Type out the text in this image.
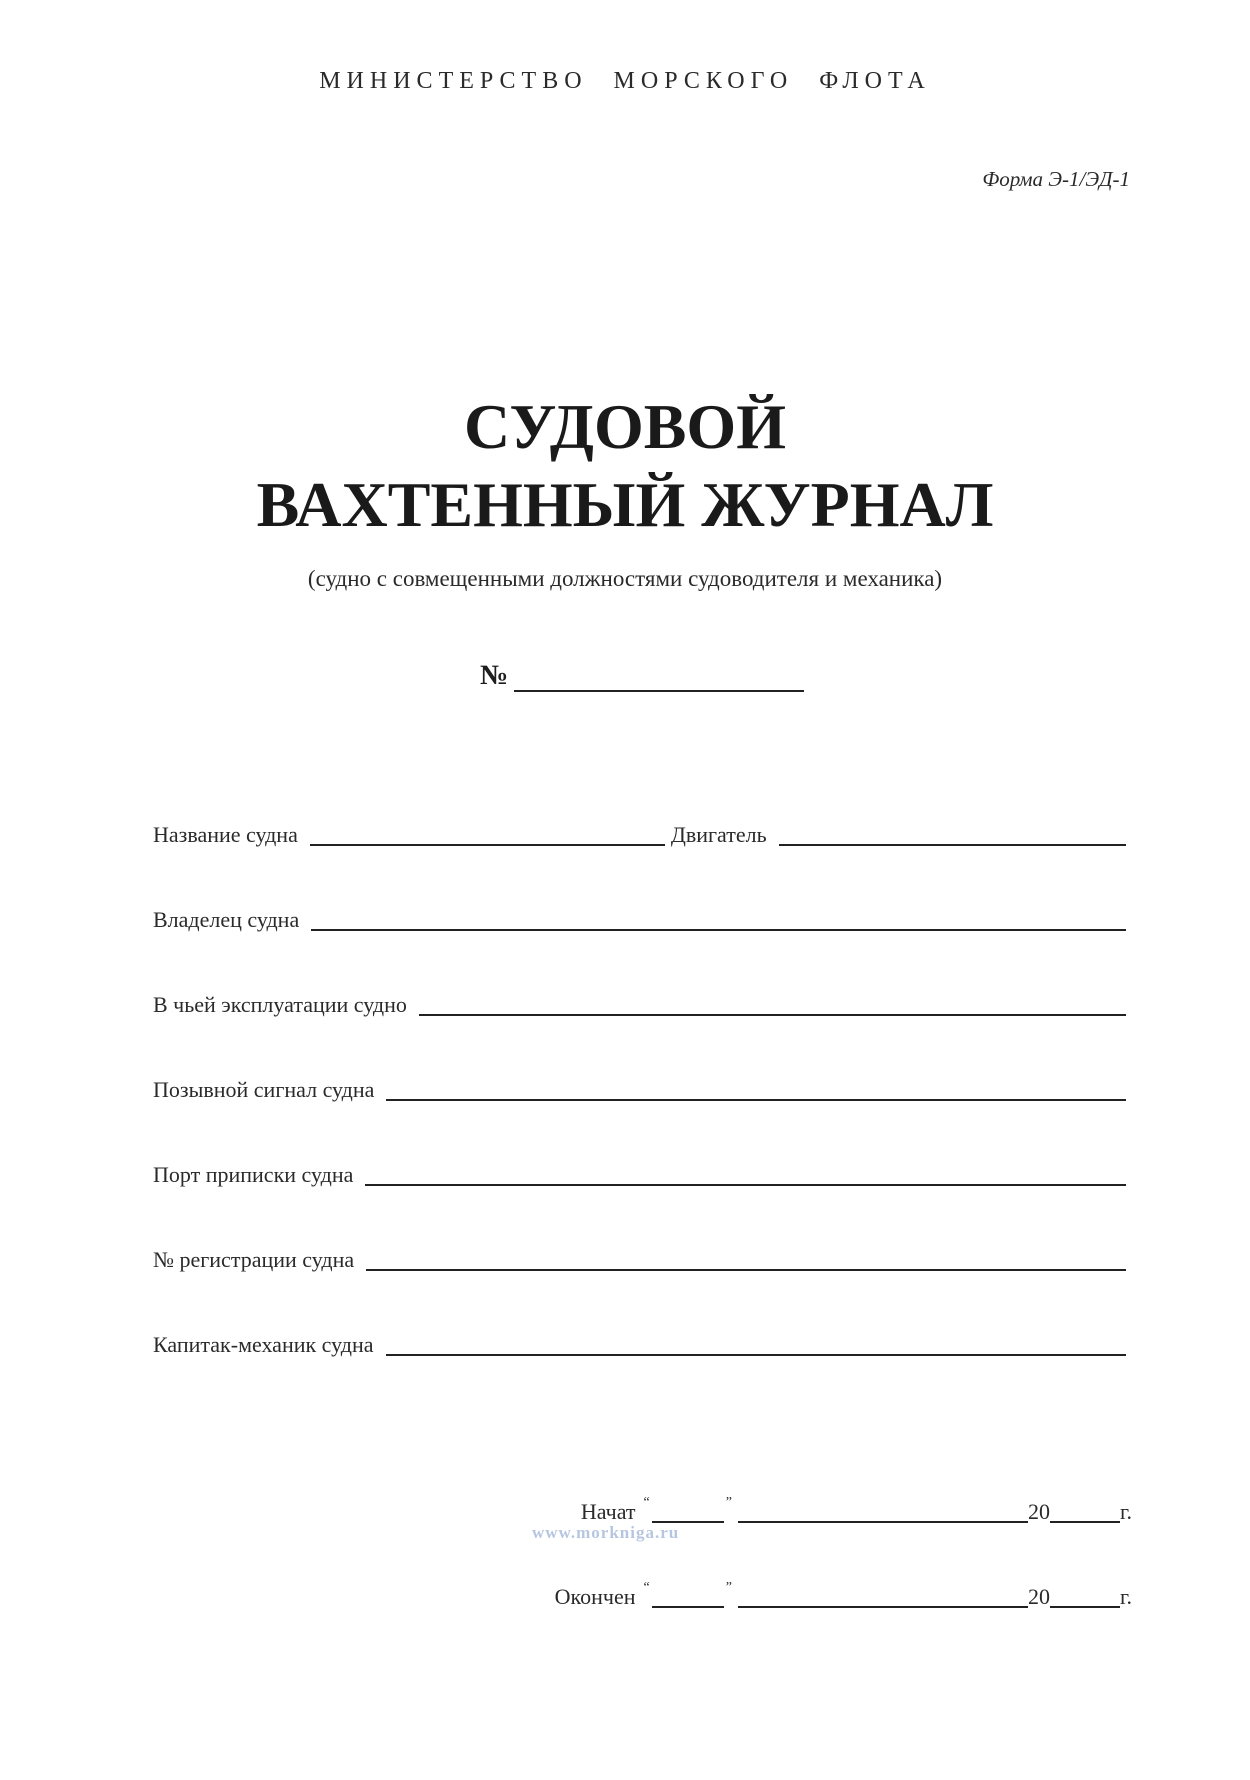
МИНИСТЕРСТВО МОРСКОГО ФЛОТА
Форма Э-1/ЭД-1
СУДОВОЙ
ВАХТЕННЫЙ ЖУРНАЛ
(судно с совмещенными должностями судоводителя и механика)
№
Название судна	Двигатель
Владелец судна
В чьей эксплуатации судно
Позывной сигнал судна
Порт приписки судна
№ регистрации судна
Капитак-механик судна
Начат “	”	20	г.
Окончен “	”	20	г.
www.morkniga.ru
